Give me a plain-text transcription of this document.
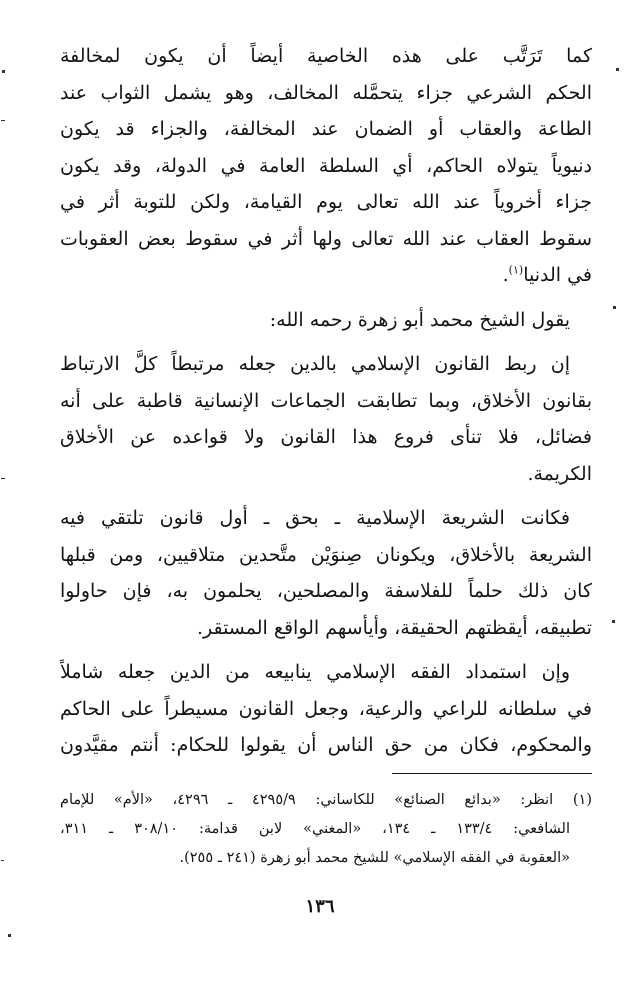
كما تَرَتَّب على هذه الخاصية أيضاً أن يكون لمخالفة
الحكم الشرعي جزاء يتحمَّله المخالف، وهو يشمل الثواب عند
الطاعة والعقاب أو الضمان عند المخالفة، والجزاء قد يكون
دنيوياً يتولاه الحاكم، أي السلطة العامة في الدولة، وقد يكون
جزاء أخروياً عند الله تعالى يوم القيامة، ولكن للتوبة أثر في
سقوط العقاب عند الله تعالى ولها أثر في سقوط بعض العقوبات
في الدنيا$^{(١)}$.

يقول الشيخ محمد أبو زهرة رحمه الله:

إن ربط القانون الإسلامي بالدين جعله مرتبطاً كلَّ الارتباط
بقانون الأخلاق، وبما تطابقت الجماعات الإنسانية قاطبة على أنه
فضائل، فلا تنأى فروع هذا القانون ولا قواعده عن الأخلاق
الكريمة.

فكانت الشريعة الإسلامية ـ بحق ـ أول قانون تلتقي فيه
الشريعة بالأخلاق، ويكونان صِنوَيْن متَّحدين متلاقيين، ومن قبلها
كان ذلك حلماً للفلاسفة والمصلحين، يحلمون به، فإن حاولوا
تطبيقه، أيقظتهم الحقيقة، وأيأسهم الواقع المستقر.

وإن استمداد الفقه الإسلامي ينابيعه من الدين جعله شاملاً
في سلطانه للراعي والرعية، وجعل القانون مسيطراً على الحاكم
والمحكوم، فكان من حق الناس أن يقولوا للحكام: أنتم مقيَّدون

(١) انظر: «بدائع الصنائع» للكاساني: ٤٢٩٥/٩ ـ ٤٢٩٦، «الأم» للإمام
الشافعي: ١٣٣/٤ ـ ١٣٤، «المغني» لابن قدامة: ٣٠٨/١٠ ـ ٣١١،
«العقوبة في الفقه الإسلامي» للشيخ محمد أبو زهرة (٢٤١ ـ ٢٥٥).
١٣٦
